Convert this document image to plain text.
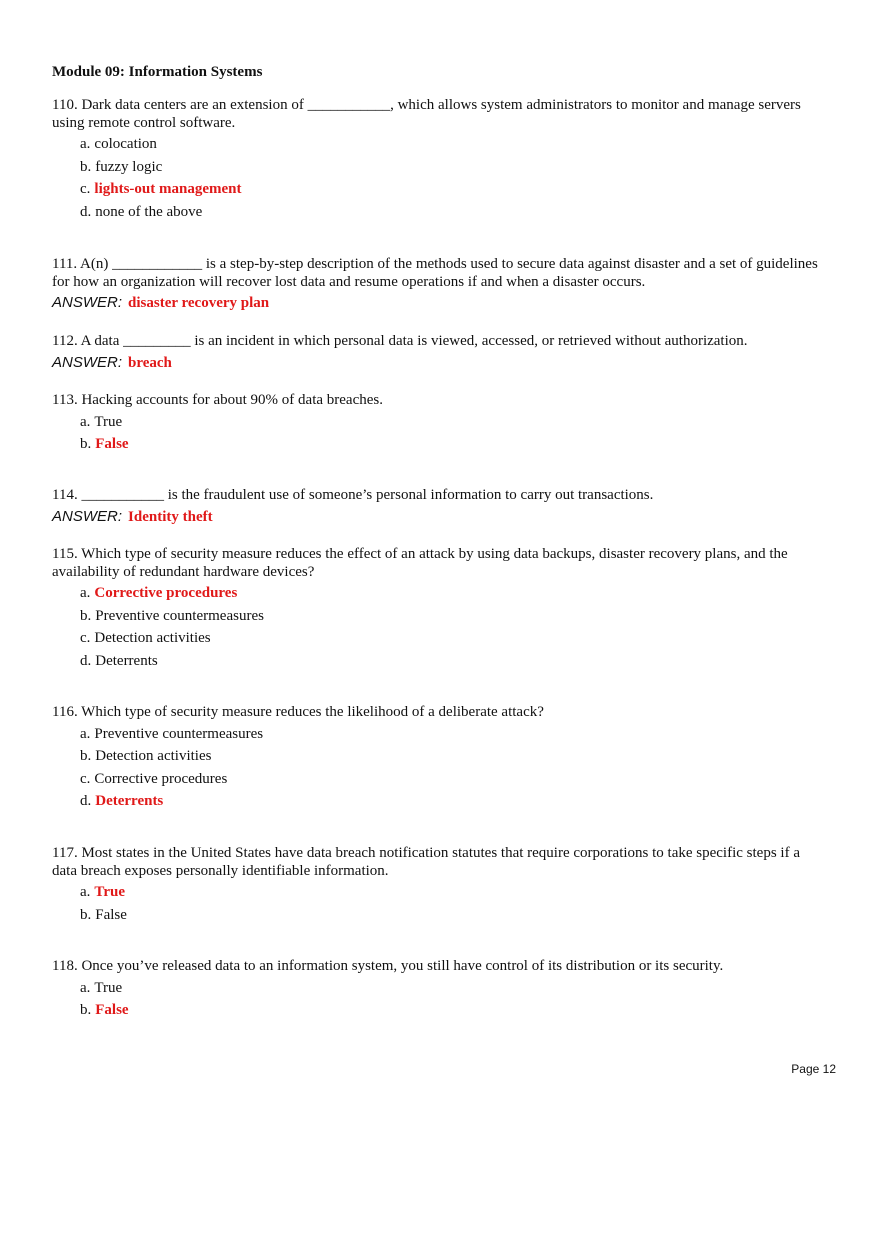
Module 09: Information Systems

110. Dark data centers are an extension of ___________, which allows system administrators to monitor and manage servers using remote control software.

a. colocation
b. fuzzy logic
c. lights-out management
d. none of the above

111. A(n) ____________ is a step-by-step description of the methods used to secure data against disaster and a set of guidelines for how an organization will recover lost data and resume operations if and when a disaster occurs.

ANSWER: disaster recovery plan

112. A data _________ is an incident in which personal data is viewed, accessed, or retrieved without authorization.

ANSWER: breach

113. Hacking accounts for about 90% of data breaches.

a. True
b. False

114. ___________ is the fraudulent use of someone’s personal information to carry out transactions.

ANSWER: Identity theft

115. Which type of security measure reduces the effect of an attack by using data backups, disaster recovery plans, and the availability of redundant hardware devices?

a. Corrective procedures
b. Preventive countermeasures
c. Detection activities
d. Deterrents

116. Which type of security measure reduces the likelihood of a deliberate attack?

a. Preventive countermeasures
b. Detection activities
c. Corrective procedures
d. Deterrents

117. Most states in the United States have data breach notification statutes that require corporations to take specific steps if a data breach exposes personally identifiable information.

a. True
b. False

118. Once you’ve released data to an information system, you still have control of its distribution or its security.

a. True
b. False
Page 12
